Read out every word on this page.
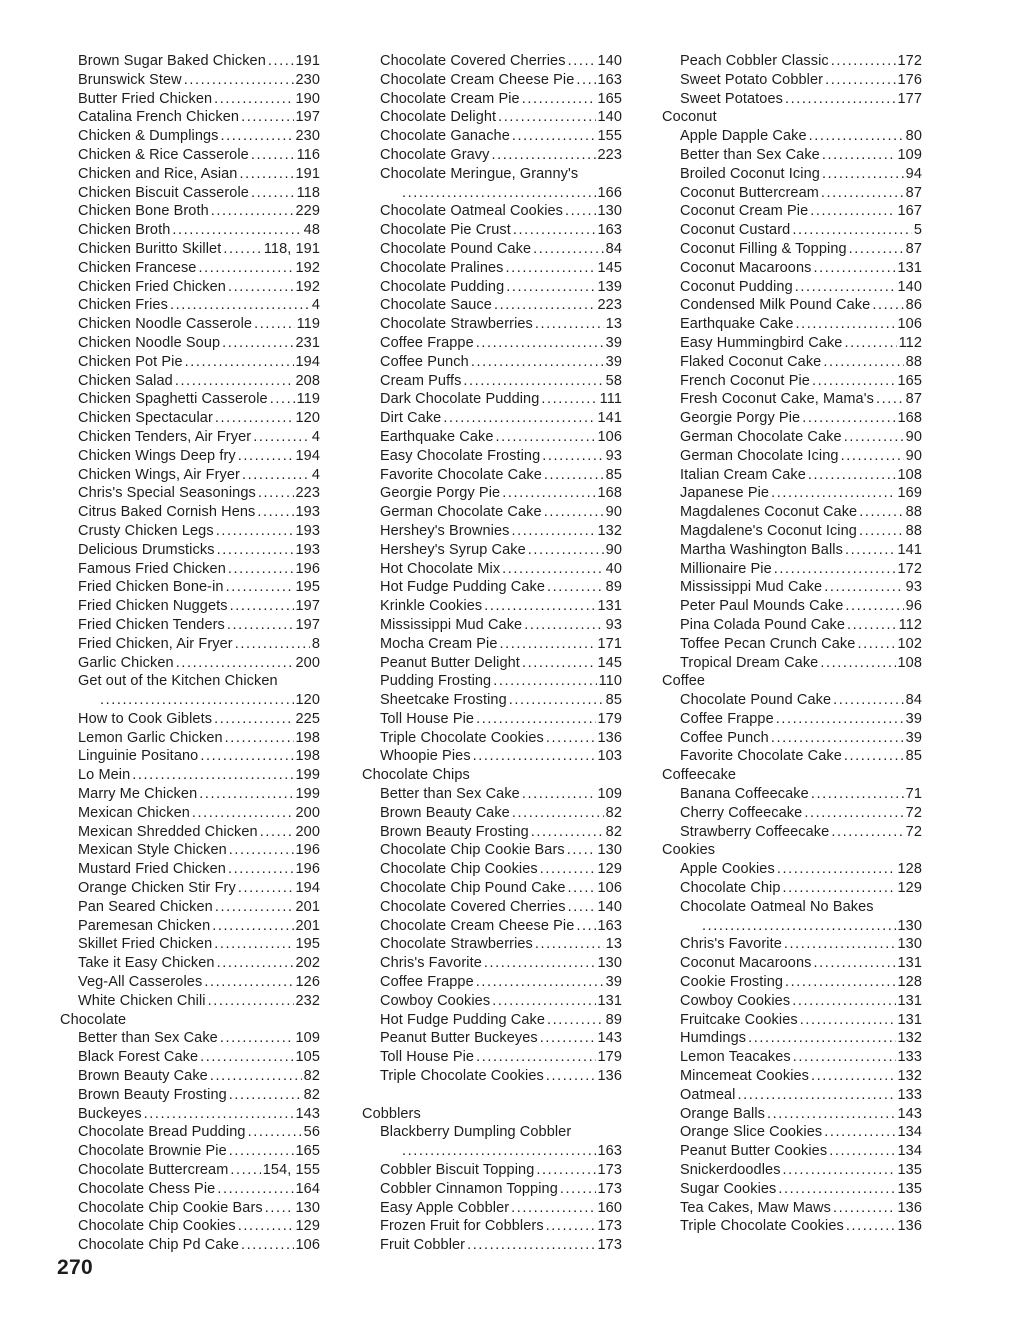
Brown Sugar Baked Chicken ..... 191
Brunswick Stew .....	230
Butter Fried Chicken .....	190
Catalina French Chicken .....	197
Chicken & Dumplings .....	230
Chicken & Rice Casserole .....	116
Chicken and Rice, Asian .....	191
Chicken Biscuit Casserole .....	118
Chicken Bone Broth .....	229
Chicken Broth .....	48
Chicken Buritto Skillet .....	118, 191
Chicken Francese .....	192
Chicken Fried Chicken .....	192
Chicken Fries .....	4
Chicken Noodle Casserole .....	119
Chicken Noodle Soup .....	231
Chicken Pot Pie .....	194
Chicken Salad .....	208
Chicken Spaghetti Casserole ..... 119
Chicken Spectacular .....	120
Chicken Tenders, Air Fryer .....	4
Chicken Wings Deep fry .....	194
Chicken Wings, Air Fryer .....	4
Chris's Special Seasonings .....	223
Citrus Baked Cornish Hens .....	193
Crusty Chicken Legs .....	193
Delicious Drumsticks .....	193
Famous Fried Chicken .....	196
Fried Chicken Bone-in .....	195
Fried Chicken Nuggets .....	197
Fried Chicken Tenders .....	197
Fried Chicken, Air Fryer .....	8
Garlic Chicken .....	200
Get out of the Kitchen Chicken
.....
120
How to Cook Giblets .....	225
Lemon Garlic Chicken .....	198
Linguinie Positano .....	198
Lo Mein .....	199
Marry Me Chicken .....	199
Mexican Chicken .....	200
Mexican Shredded Chicken .....	200
Mexican Style Chicken .....	196
Mustard Fried Chicken .....	196
Orange Chicken Stir Fry .....	194
Pan Seared Chicken .....	201
Paremesan Chicken .....	201
Skillet Fried Chicken .....	195
Take it Easy Chicken .....	202
Veg-All Casseroles .....	126
White Chicken Chili .....	232
Chocolate
Better than Sex Cake .....	109
Black Forest Cake .....	105
Brown Beauty Cake .....	82
Brown Beauty Frosting .....	82
Buckeyes .....	143
Chocolate Bread Pudding .....	56
Chocolate Brownie Pie .....	165
Chocolate Buttercream ..... 154, 155
Chocolate Chess Pie .....	164
Chocolate Chip Cookie Bars ..... 130
Chocolate Chip Cookies .....	129
Chocolate Chip Pd Cake .....	106
Chocolate Covered Cherries ..... 140
Chocolate Cream Cheese Pie ..... 163
Chocolate Cream Pie .....	165
Chocolate Delight .....	140
Chocolate Ganache .....	155
Chocolate Gravy .....	223
Chocolate Meringue, Granny's
.....
166
Chocolate Oatmeal Cookies ..... 130
Chocolate Pie Crust .....	163
Chocolate Pound Cake .....	84
Chocolate Pralines .....	145
Chocolate Pudding .....	139
Chocolate Sauce .....	223
Chocolate Strawberries .....	13
Coffee Frappe .....	39
Coffee Punch .....	39
Cream Puffs .....	58
Dark Chocolate Pudding .....	111
Dirt Cake .....	141
Earthquake Cake .....	106
Easy Chocolate Frosting .....	93
Favorite Chocolate Cake .....	85
Georgie Porgy Pie .....	168
German Chocolate Cake .....	90
Hershey's Brownies .....	132
Hershey's Syrup Cake .....	90
Hot Chocolate Mix .....	40
Hot Fudge Pudding Cake .....	89
Krinkle Cookies .....	131
Mississippi Mud Cake .....	93
Mocha Cream Pie .....	171
Peanut Butter Delight .....	145
Pudding Frosting .....	110
Sheetcake Frosting .....	85
Toll House Pie .....	179
Triple Chocolate Cookies .....	136
Whoopie Pies .....	103
Chocolate Chips
Better than Sex Cake .....	109
Brown Beauty Cake .....	82
Brown Beauty Frosting .....	82
Chocolate Chip Cookie Bars ..... 130
Chocolate Chip Cookies .....	129
Chocolate Chip Pound Cake ..... 106
Chocolate Covered Cherries ..... 140
Chocolate Cream Cheese Pie ..... 163
Chocolate Strawberries .....	13
Chris's Favorite .....	130
Coffee Frappe .....	39
Cowboy Cookies .....	131
Hot Fudge Pudding Cake .....	89
Peanut Butter Buckeyes .....	143
Toll House Pie .....	179
Triple Chocolate Cookies .....	136
Cobblers
Blackberry Dumpling Cobbler
.....
163
Cobbler Biscuit Topping .....	173
Cobbler Cinnamon Topping .....	173
Easy Apple Cobbler .....	160
Frozen Fruit for Cobblers .....	173
Fruit Cobbler .....	173
Peach Cobbler Classic .....	172
Sweet Potato Cobbler .....	176
Sweet Potatoes .....	177
Coconut
Apple Dapple Cake .....	80
Better than Sex Cake .....	109
Broiled Coconut Icing .....	94
Coconut Buttercream .....	87
Coconut Cream Pie .....	167
Coconut Custard .....	5
Coconut Filling & Topping .....	87
Coconut Macaroons .....	131
Coconut Pudding .....	140
Condensed Milk Pound Cake ..... 86
Earthquake Cake .....	106
Easy Hummingbird Cake .....	112
Flaked Coconut Cake .....	88
French Coconut Pie .....	165
Fresh Coconut Cake, Mama's ..... 87
Georgie Porgy Pie .....	168
German Chocolate Cake .....	90
German Chocolate Icing .....	90
Italian Cream Cake .....	108
Japanese Pie .....	169
Magdalenes Coconut Cake .....	88
Magdalene's Coconut Icing .....	88
Martha Washington Balls .....	141
Millionaire Pie .....	172
Mississippi Mud Cake .....	93
Peter Paul Mounds Cake .....	96
Pina Colada Pound Cake .....	112
Toffee Pecan Crunch Cake .....	102
Tropical Dream Cake .....	108
Coffee
Chocolate Pound Cake .....	84
Coffee Frappe .....	39
Coffee Punch .....	39
Favorite Chocolate Cake .....	85
Coffeecake
Banana Coffeecake .....	71
Cherry Coffeecake .....	72
Strawberry Coffeecake .....	72
Cookies
Apple Cookies .....	128
Chocolate Chip .....	129
Chocolate Oatmeal No Bakes
.....
130
Chris's Favorite .....	130
Coconut Macaroons .....	131
Cookie Frosting .....	128
Cowboy Cookies .....	131
Fruitcake Cookies .....	131
Humdings .....	132
Lemon Teacakes .....	133
Mincemeat Cookies .....	132
Oatmeal .....	133
Orange Balls .....	143
Orange Slice Cookies .....	134
Peanut Butter Cookies .....	134
Snickerdoodles .....	135
Sugar Cookies .....	135
Tea Cakes, Maw Maws .....	136
Triple Chocolate Cookies .....	136
270
